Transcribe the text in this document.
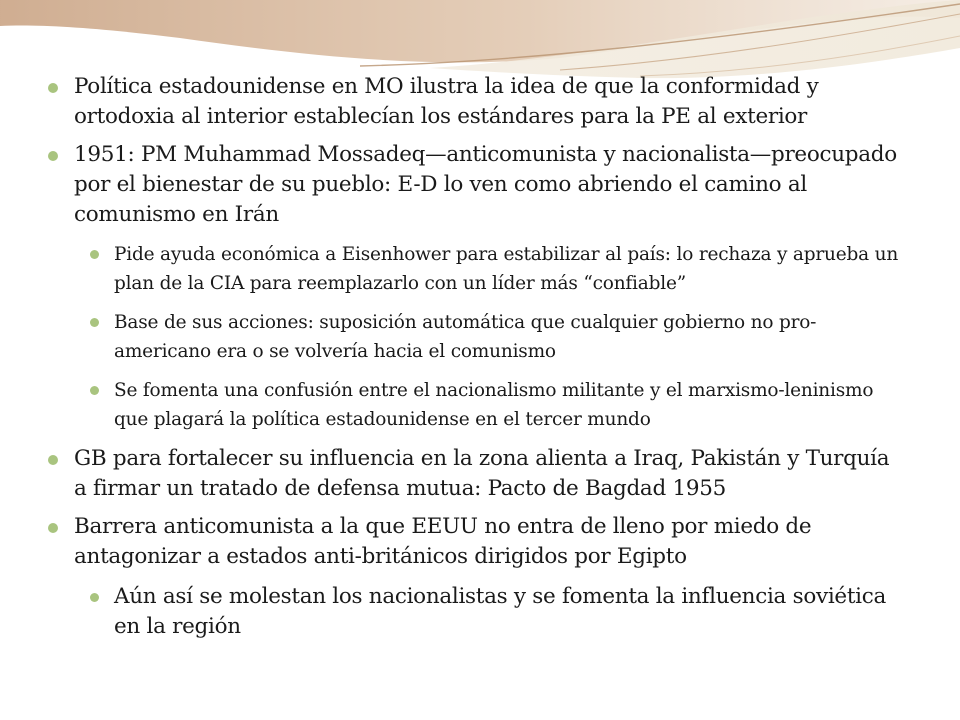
Política estadounidense en MO ilustra la idea de que la conformidad y ortodoxia al interior establecían los estándares para la PE al exterior
1951: PM Muhammad Mossadeq—anticomunista y nacionalista—preocupado por el bienestar de su pueblo: E-D lo ven como abriendo el camino al comunismo en Irán
Pide ayuda económica a Eisenhower para estabilizar al país: lo rechaza y aprueba un plan de la CIA para reemplazarlo con un líder más “confiable”
Base de sus acciones: suposición automática que cualquier gobierno no pro-americano era o se volvería hacia el comunismo
Se fomenta una confusión entre el nacionalismo militante y el marxismo-leninismo que plagará la política estadounidense en el tercer mundo
GB para fortalecer su influencia en la zona alienta a Iraq, Pakistán y Turquía a firmar un tratado de defensa mutua: Pacto de Bagdad 1955
Barrera anticomunista a la que EEUU no entra de lleno por miedo de antagonizar a estados anti-británicos dirigidos por Egipto
Aún así se molestan los nacionalistas y se fomenta la influencia soviética en la región
